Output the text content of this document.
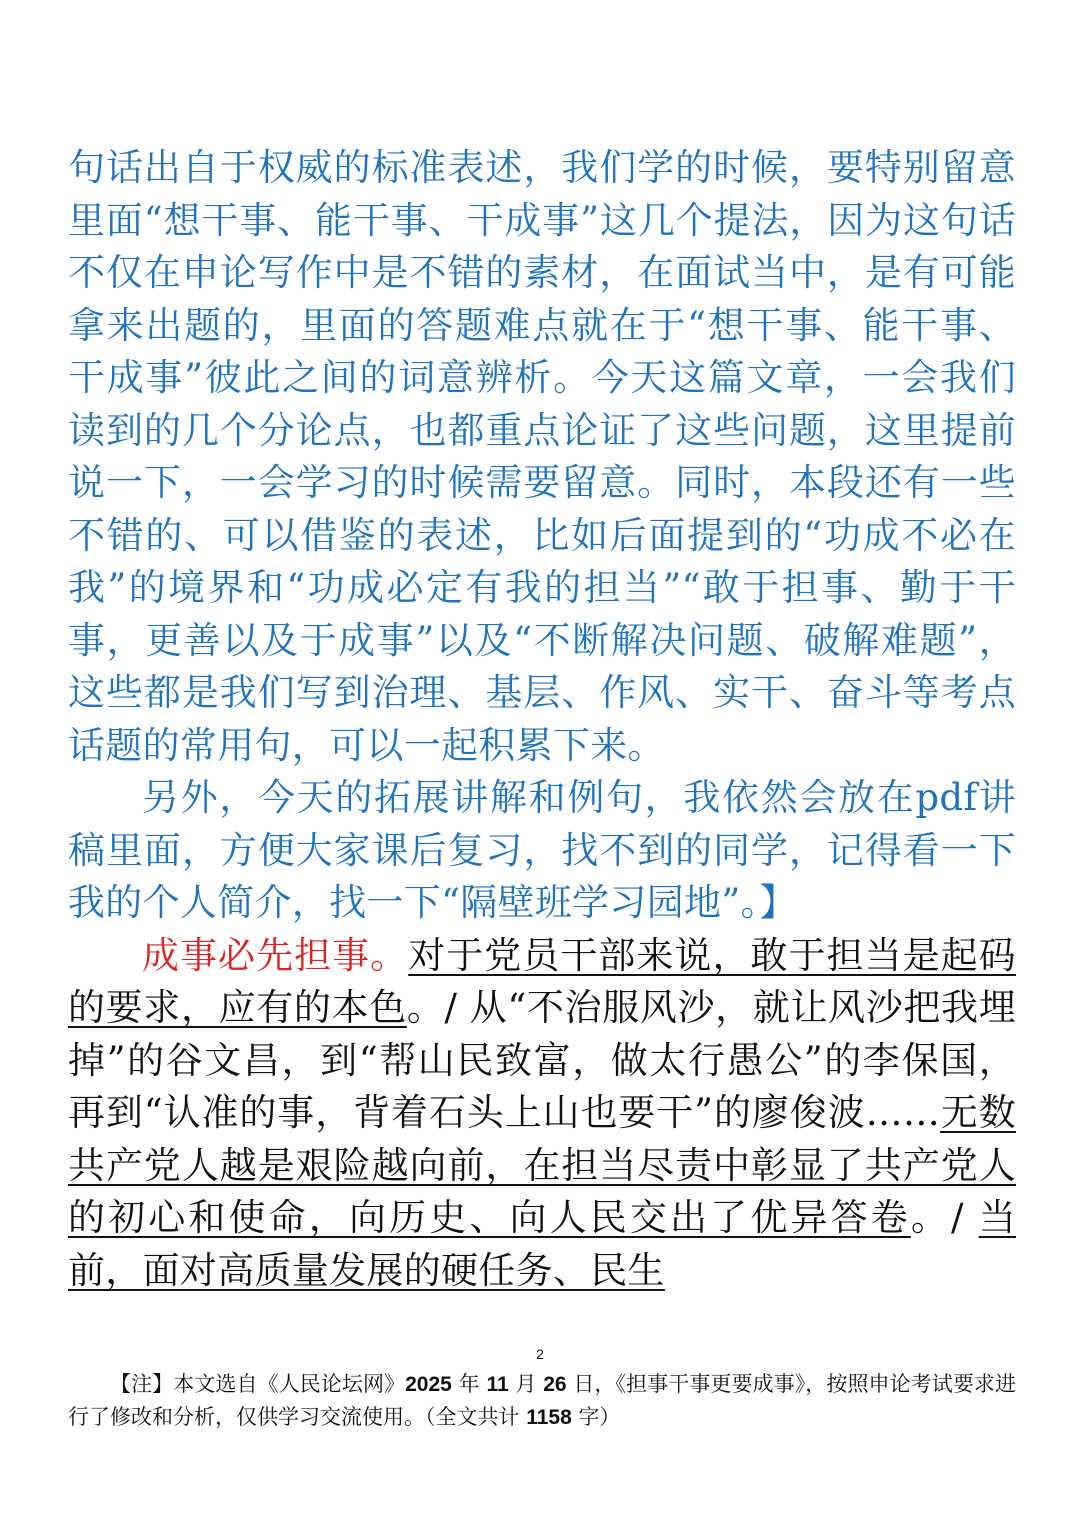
句话出自于权威的标准表述，我们学的时候，要特别留意里面“想干事、能干事、干成事”这几个提法，因为这句话不仅在申论写作中是不错的素材，在面试当中，是有可能拿来出题的，里面的答题难点就在于“想干事、能干事、干成事”彼此之间的词意辨析。今天这篇文章，一会我们读到的几个分论点，也都重点论证了这些问题，这里提前说一下，一会学习的时候需要留意。同时，本段还有一些不错的、可以借鉴的表述，比如后面提到的“功成不必在我”的境界和“功成必定有我的担当”“敢于担事、勤于干事，更善以及于成事”以及“不断解决问题、破解难题”，这些都是我们写到治理、基层、作风、实干、奋斗等考点话题的常用句，可以一起积累下来。

另外，今天的拓展讲解和例句，我依然会放在pdf讲稿里面，方便大家课后复习，找不到的同学，记得看一下我的个人简介，找一下“隔壁班学习园地”。】

成事必先担事。对于党员干部来说，敢于担当是起码的要求，应有的本色。/ 从“不治服风沙，就让风沙把我埋掉”的谷文昌，到“帮山民致富，做太行愚公”的李保国，再到“认准的事，背着石头上山也要干”的廖俊波……无数共产党人越是艰险越向前，在担当尽责中彰显了共产党人的初心和使命，向历史、向人民交出了优异答卷。/ 当前，面对高质量发展的硬任务、民生

2
【注】本文选自《人民论坛网》2025 年 11 月 26 日，《担事干事更要成事》，按照申论考试要求进行了修改和分析，仅供学习交流使用。（全文共计 1158 字）
